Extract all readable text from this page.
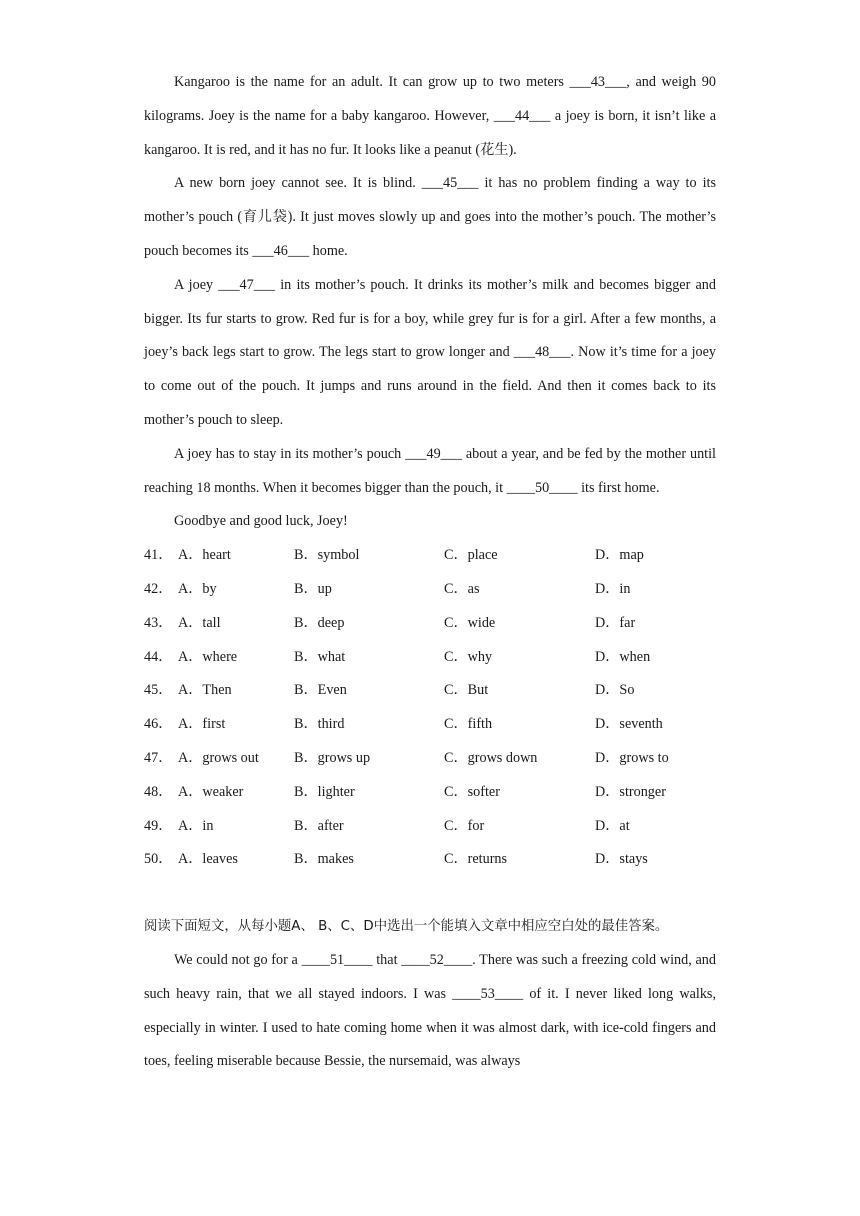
Kangaroo is the name for an adult. It can grow up to two meters ___43___, and weigh 90 kilograms. Joey is the name for a baby kangaroo. However, ___44___ a joey is born, it isn’t like a kangaroo. It is red, and it has no fur. It looks like a peanut (花生).

A new born joey cannot see. It is blind. ___45___ it has no problem finding a way to its mother’s pouch (育儿袋). It just moves slowly up and goes into the mother’s pouch. The mother’s pouch becomes its ___46___ home.

A joey ___47___ in its mother’s pouch. It drinks its mother’s milk and becomes bigger and bigger. Its fur starts to grow. Red fur is for a boy, while grey fur is for a girl. After a few months, a joey’s back legs start to grow. The legs start to grow longer and ___48___. Now it’s time for a joey to come out of the pouch. It jumps and runs around in the field. And then it comes back to its mother’s pouch to sleep.

A joey has to stay in its mother’s pouch ___49___ about a year, and be fed by the mother until reaching 18 months. When it becomes bigger than the pouch, it ____50____ its first home.

Goodbye and good luck, Joey!

41． A．heart	B．symbol	C．place	D．map
42． A．by	B．up	C．as	D．in
43． A．tall	B．deep	C．wide	D．far
44． A．where	B．what	C．why	D．when
45． A．Then	B．Even	C．But	D．So
46． A．first	B．third	C．fifth	D．seventh
47． A．grows out	B．grows up	C．grows down	D．grows to
48． A．weaker	B．lighter	C．softer	D．stronger
49． A．in	B．after	C．for	D．at
50． A．leaves	B．makes	C．returns	D．stays

阅读下面短文，从每小题A、 B、C、D中选出一个能填入文章中相应空白处的最佳答案。

We could not go for a ____51____ that ____52____. There was such a freezing cold wind, and such heavy rain, that we all stayed indoors. I was ____53____ of it. I never liked long walks, especially in winter. I used to hate coming home when it was almost dark, with ice-cold fingers and toes, feeling miserable because Bessie, the nursemaid, was always
